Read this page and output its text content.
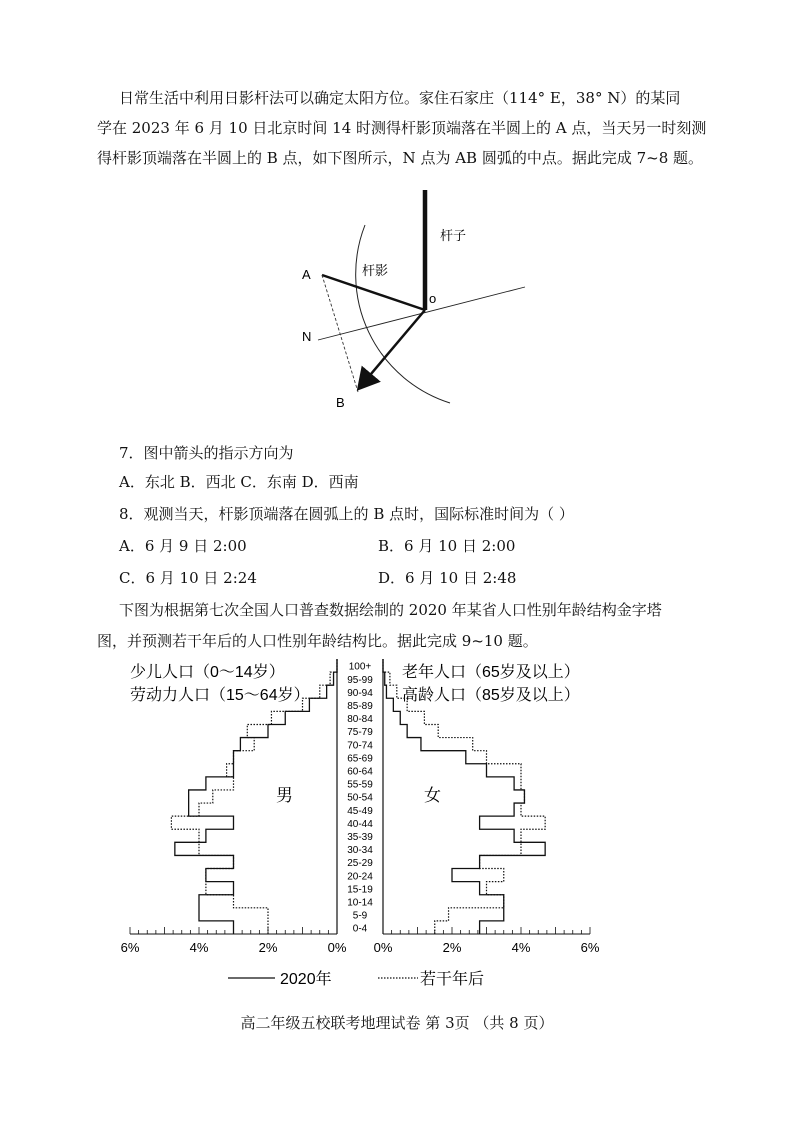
日常生活中利用日影杆法可以确定太阳方位。家住石家庄（114° E，38° N）的某同
学在 2023 年 6 月 10 日北京时间 14 时测得杆影顶端落在半圆上的 A 点，当天另一时刻测
得杆影顶端落在半圆上的 B 点，如下图所示，N 点为 AB 圆弧的中点。据此完成 7~8 题。
A
N
B
o
杆子
杆影
7．图中箭头的指示方向为
A．东北 B．西北 C．东南 D．西南
8．观测当天，杆影顶端落在圆弧上的 B 点时，国际标准时间为（ ）
A．6 月 9 日 2:00	B．6 月 10 日 2:00
C．6 月 10 日 2:24	D．6 月 10 日 2:48
下图为根据第七次全国人口普查数据绘制的 2020 年某省人口性别年龄结构金字塔
图，并预测若干年后的人口性别年龄结构比。据此完成 9~10 题。
少儿人口（0～14岁）
劳动力人口（15～64岁）
老年人口（65岁及以上）
高龄人口（85岁及以上）
男	女
2020年	若干年后
0-4
5-9
10-14
15-19
20-24
25-29
30-34
35-39
40-44
45-49
50-54
55-59
60-64
65-69
70-74
75-79
80-84
85-89
90-94
95-99
100+
6%	4%	2%	0% 0%	2%	4%	6%
高二年级五校联考地理试卷 第 3页 （共 8 页）
